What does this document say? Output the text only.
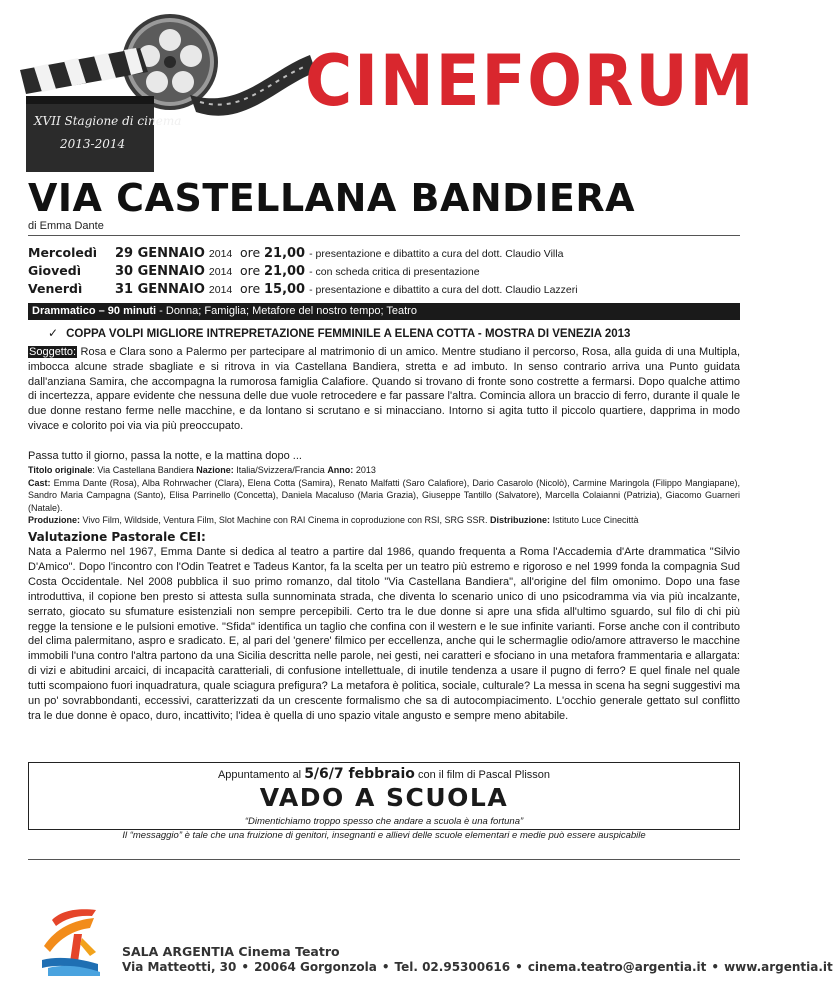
XVII Stagione di cinema
2013-2014
CINEFORUM
VIA CASTELLANA BANDIERA
di Emma Dante
Mercoledì 29 GENNAIO 2014 ore 21,00 - presentazione e dibattito a cura del dott. Claudio Villa
Giovedì	30 GENNAIO 2014 ore 21,00 - con scheda critica di presentazione
Venerdì	31 GENNAIO 2014 ore 15,00 - presentazione e dibattito a cura del dott. Claudio Lazzeri
Drammatico – 90 minuti - Donna; Famiglia; Metafore del nostro tempo; Teatro
✓ COPPA VOLPI MIGLIORE INTREPRETAZIONE FEMMINILE A ELENA COTTA - MOSTRA DI VENEZIA 2013
Soggetto: Rosa e Clara sono a Palermo per partecipare al matrimonio di un amico. Mentre studiano il percorso, Rosa, alla guida di una Multipla, imbocca alcune strade sbagliate e si ritrova in via Castellana Bandiera, stretta e ad imbuto. In senso contrario arriva una Punto guidata dall'anziana Samira, che accompagna la rumorosa famiglia Calafiore. Quando si trovano di fronte sono costrette a fermarsi. Dopo qualche attimo di incertezza, appare evidente che nessuna delle due vuole retrocedere e far passare l'altra. Comincia allora un braccio di ferro, durante il quale le due donne restano ferme nelle macchine, e da lontano si scrutano e si minacciano. Intorno si agita tutto il piccolo quartiere, dapprima in modo vivace e colorito poi via via più preoccupato.
Passa tutto il giorno, passa la notte, e la mattina dopo ...
Titolo originale: Via Castellana Bandiera Nazione: Italia/Svizzera/Francia Anno: 2013
Cast: Emma Dante (Rosa), Alba Rohrwacher (Clara), Elena Cotta (Samira), Renato Malfatti (Saro Calafiore), Dario Casarolo (Nicolò), Carmine Maringola (Filippo Mangiapane), Sandro Maria Campagna (Santo), Elisa Parrinello (Concetta), Daniela Macaluso (Maria Grazia), Giuseppe Tantillo (Salvatore), Marcella Colaianni (Patrizia), Giacomo Guarneri (Natale).
Produzione: Vivo Film, Wildside, Ventura Film, Slot Machine con RAI Cinema in coproduzione con RSI, SRG SSR. Distribuzione: Istituto Luce Cinecittà
Valutazione Pastorale CEI:
Nata a Palermo nel 1967, Emma Dante si dedica al teatro a partire dal 1986, quando frequenta a Roma l'Accademia d'Arte drammatica "Silvio D'Amico". Dopo l'incontro con l'Odin Teatret e Tadeus Kantor, fa la scelta per un teatro più estremo e rigoroso e nel 1999 fonda la compagnia Sud Costa Occidentale. Nel 2008 pubblica il suo primo romanzo, dal titolo "Via Castellana Bandiera", all'origine del film omonimo. Dopo una fase introduttiva, il copione ben presto si attesta sulla sunnominata strada, che diventa lo scenario unico di uno psicodramma via via più incalzante, serrato, giocato su sfumature esistenziali non sempre percepibili. Certo tra le due donne si apre una sfida all'ultimo sguardo, sul filo di chi più regge la tensione e le pulsioni emotive. "Sfida" identifica un taglio che confina con il western e le sue infinite varianti. Forse anche con il contributo del clima palermitano, aspro e sradicato. E, al pari del 'genere' filmico per eccellenza, anche qui le schermaglie odio/amore attraverso le macchine immobili l'una contro l'altra partono da una Sicilia descritta nelle parole, nei gesti, nei caratteri e sfociano in una metafora frammentaria e allargata: di vizi e abitudini arcaici, di incapacità caratteriali, di confusione intellettuale, di inutile tendenza a usare il pugno di ferro? E quel finale nel quale tutti scompaiono fuori inquadratura, quale sciagura prefigura? La metafora è politica, sociale, culturale? La messa in scena ha segni suggestivi ma un po' sovrabbondanti, eccessivi, caratterizzati da un crescente formalismo che sa di autocompiacimento. L'occhio generale gettato sul conflitto tra le due donne è opaco, duro, incattivito; l'idea è quella di uno spazio vitale angusto e sempre meno abitabile.
Appuntamento al 5/6/7 febbraio con il film di Pascal Plisson
VADO A SCUOLA
“Dimentichiamo troppo spesso che andare a scuola è una fortuna”
Il “messaggio” è tale che una fruizione di genitori, insegnanti e allievi delle scuole elementari e medie può essere auspicabile
SALA ARGENTIA Cinema Teatro
Via Matteotti, 30 • 20064 Gorgonzola • Tel. 02.95300616 • cinema.teatro@argentia.it • www.argentia.it
